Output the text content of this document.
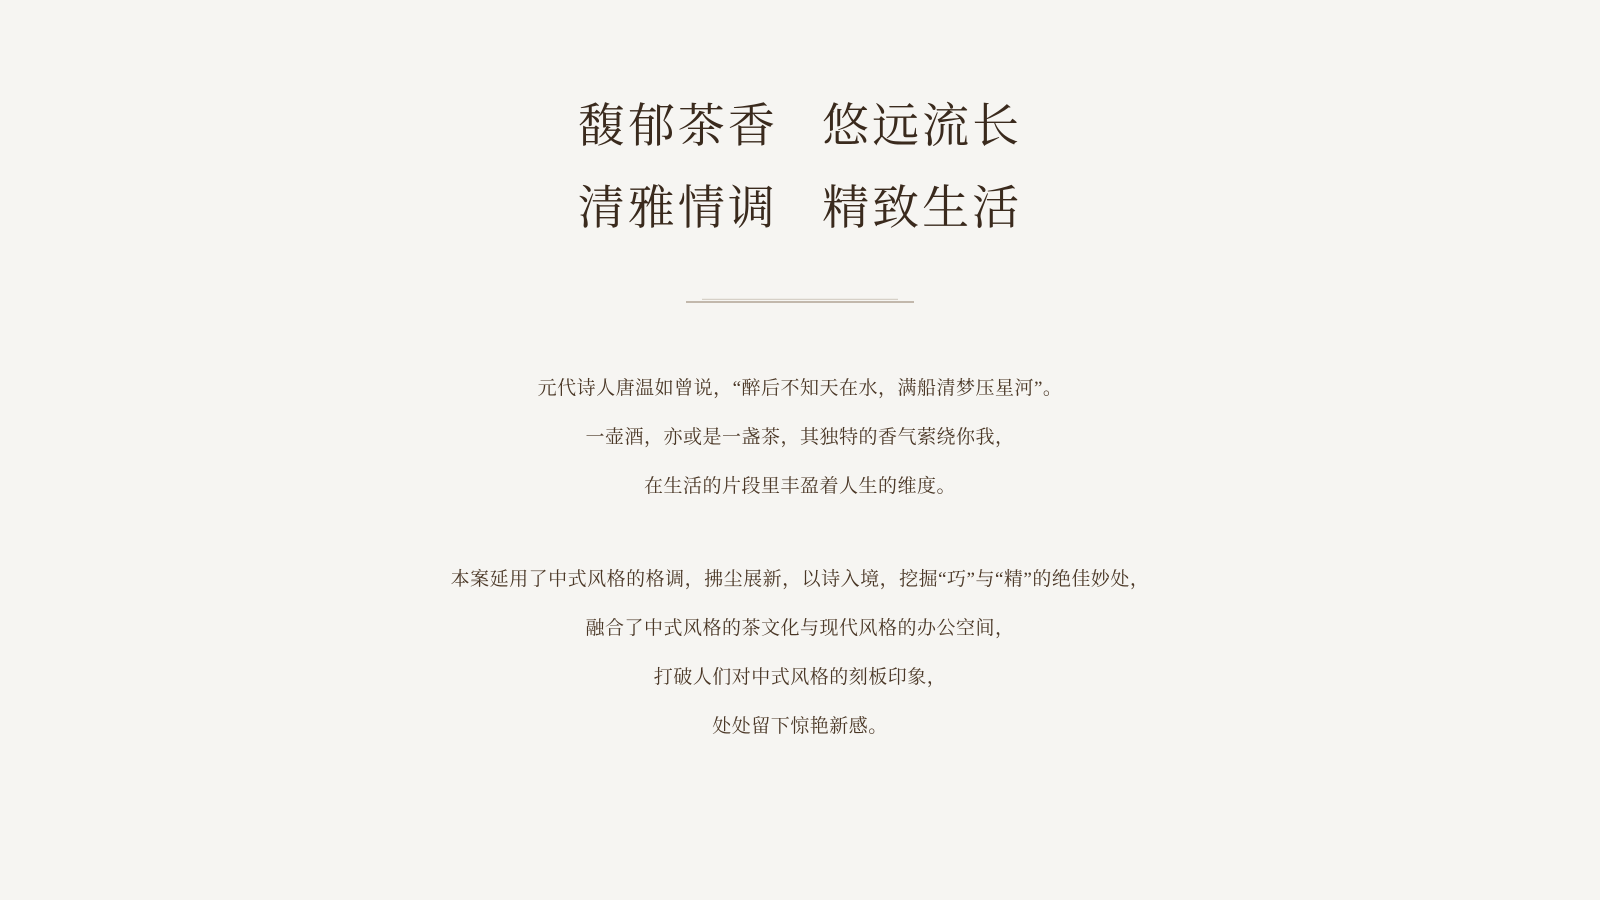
馥郁茶香   悠远流长
清雅情调   精致生活
元代诗人唐温如曾说，“醉后不知天在水，满船清梦压星河”。
一壶酒，亦或是一盏茶，其独特的香气萦绕你我，
在生活的片段里丰盈着人生的维度。
本案延用了中式风格的格调，拂尘展新，以诗入境，挖掘“巧”与“精”的绝佳妙处，
融合了中式风格的茶文化与现代风格的办公空间，
打破人们对中式风格的刻板印象，
处处留下惊艳新感。
